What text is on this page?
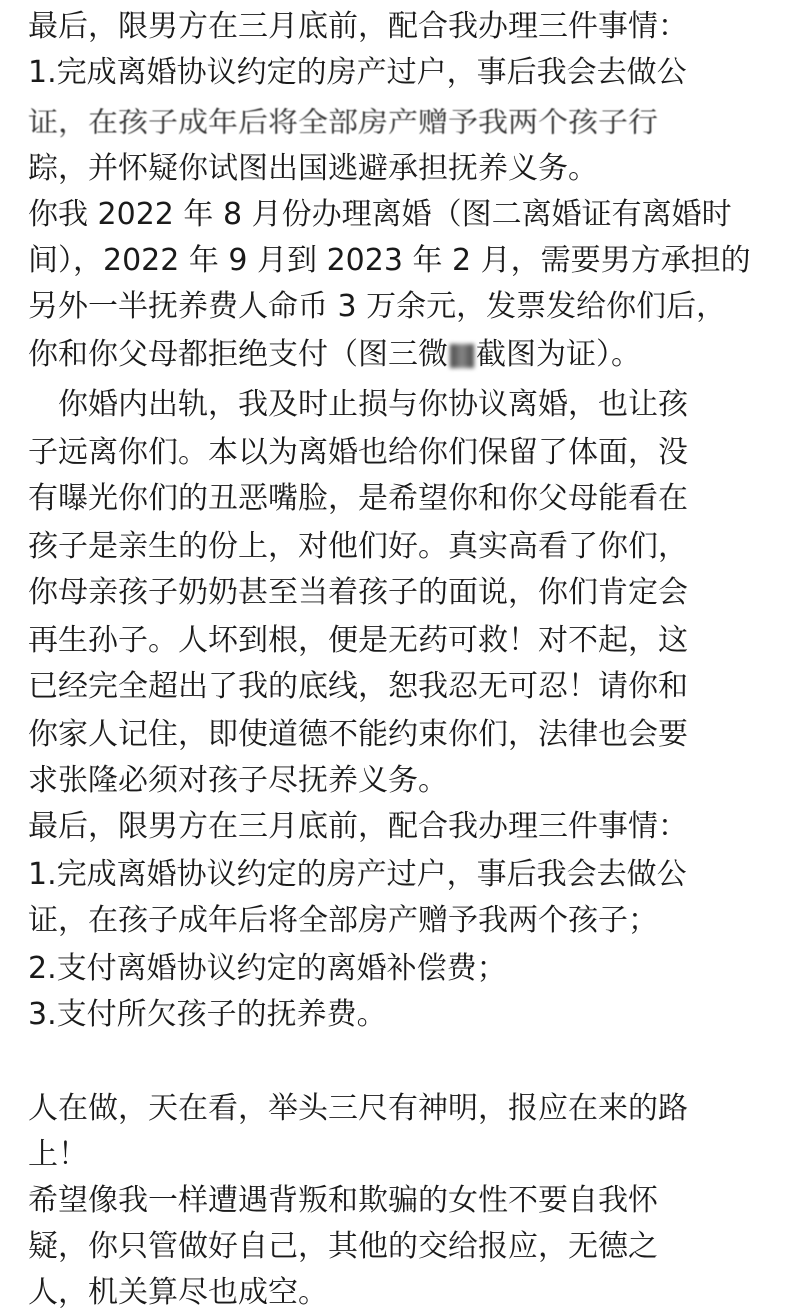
最后，限男方在三月底前，配合我办理三件事情：
1.完成离婚协议约定的房产过户，事后我会去做公
证，在孩子成年后将全部房产赠予我两个孩子行
踪，并怀疑你试图出国逃避承担抚养义务。
你我 2022 年 8 月份办理离婚（图二离婚证有离婚时
间），2022 年 9 月到 2023 年 2 月，需要男方承担的
另外一半抚养费人命币 3 万余元，发票发给你们后，
你和你父母都拒绝支付（图三微 截图为证）。
　你婚内出轨，我及时止损与你协议离婚，也让孩
子远离你们。本以为离婚也给你们保留了体面，没
有曝光你们的丑恶嘴脸，是希望你和你父母能看在
孩子是亲生的份上，对他们好。真实高看了你们，
你母亲孩子奶奶甚至当着孩子的面说，你们肯定会
再生孙子。人坏到根，便是无药可救！对不起，这
已经完全超出了我的底线，恕我忍无可忍！请你和
你家人记住，即使道德不能约束你们，法律也会要
求张隆必须对孩子尽抚养义务。
最后，限男方在三月底前，配合我办理三件事情：
1.完成离婚协议约定的房产过户，事后我会去做公
证，在孩子成年后将全部房产赠予我两个孩子；
2.支付离婚协议约定的离婚补偿费；
3.支付所欠孩子的抚养费。
人在做，天在看，举头三尺有神明，报应在来的路
上！
希望像我一样遭遇背叛和欺骗的女性不要自我怀
疑，你只管做好自己，其他的交给报应，无德之
人，机关算尽也成空。
